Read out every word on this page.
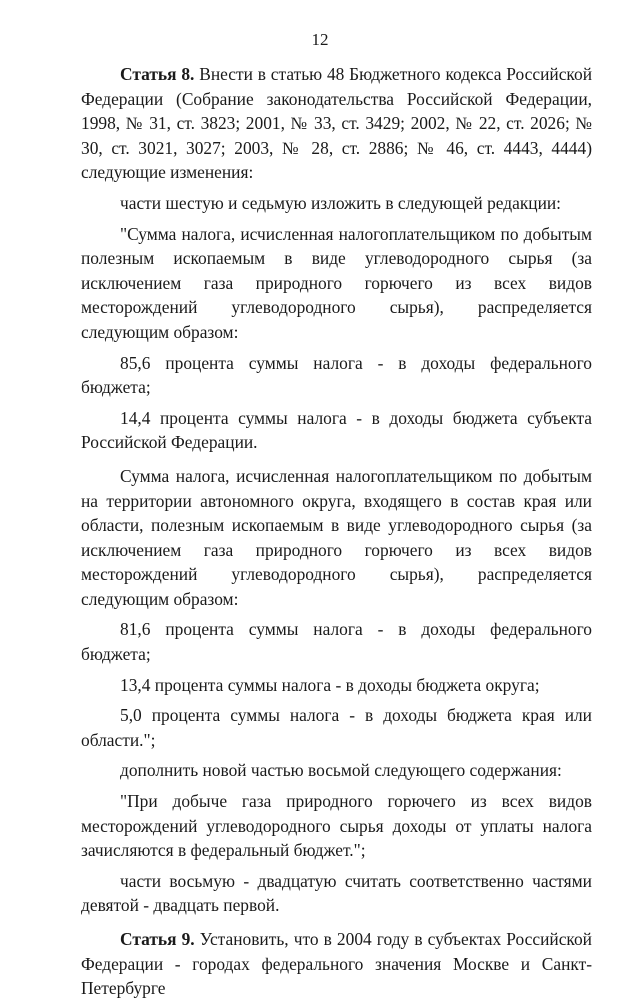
12

Статья 8. Внести в статью 48 Бюджетного кодекса Российской Федерации (Собрание законодательства Российской Федерации, 1998, № 31, ст. 3823; 2001, № 33, ст. 3429; 2002, № 22, ст. 2026; № 30, ст. 3021, 3027; 2003, № 28, ст. 2886; № 46, ст. 4443, 4444) следующие изменения:

части шестую и седьмую изложить в следующей редакции:

"Сумма налога, исчисленная налогоплательщиком по добытым полезным ископаемым в виде углеводородного сырья (за исключением газа природного горючего из всех видов месторождений углеводородного сырья), распределяется следующим образом:

85,6 процента суммы налога - в доходы федерального бюджета;

14,4 процента суммы налога - в доходы бюджета субъекта Российской Федерации.

Сумма налога, исчисленная налогоплательщиком по добытым на территории автономного округа, входящего в состав края или области, полезным ископаемым в виде углеводородного сырья (за исключением газа природного горючего из всех видов месторождений углеводородного сырья), распределяется следующим образом:

81,6 процента суммы налога - в доходы федерального бюджета;

13,4 процента суммы налога - в доходы бюджета округа;

5,0 процента суммы налога - в доходы бюджета края или области.";

дополнить новой частью восьмой следующего содержания:

"При добыче газа природного горючего из всех видов месторождений углеводородного сырья доходы от уплаты налога зачисляются в федеральный бюджет.";

части восьмую - двадцатую считать соответственно частями девятой - двадцать первой.

Статья 9. Установить, что в 2004 году в субъектах Российской Федерации - городах федерального значения Москве и Санкт-Петербурге
